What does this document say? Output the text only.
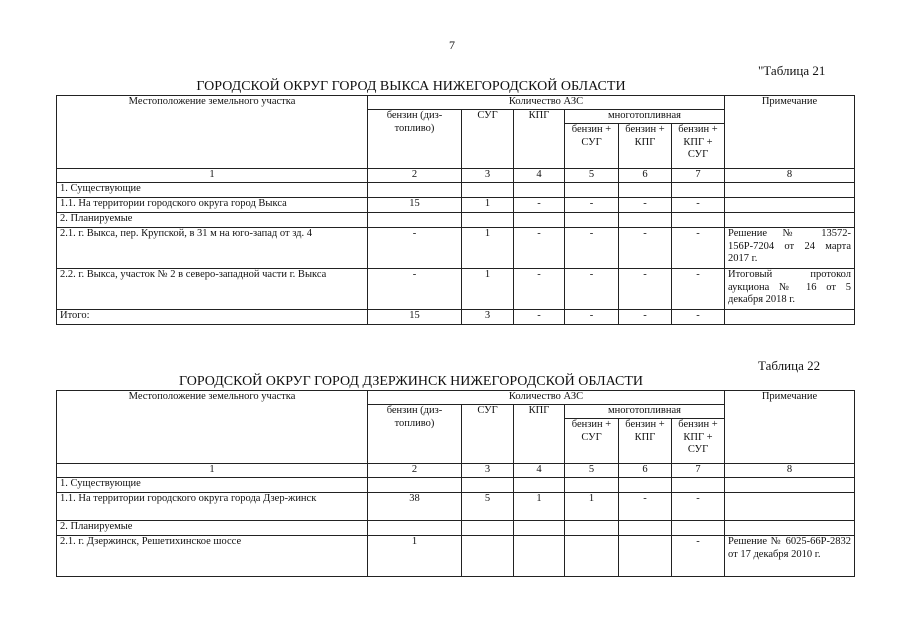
7
"Таблица 21
ГОРОДСКОЙ ОКРУГ ГОРОД ВЫКСА НИЖЕГОРОДСКОЙ ОБЛАСТИ
Местоположение земельного участка	Количество АЗС						Примечание
	бензин (диз-топливо)	СУГ	КПГ	многотопливная			
				бензин + СУГ	бензин + КПГ	бензин + КПГ + СУГ	

1	2	3	4	5	6	7	8
1. Существующие							
1.1. На территории городского округа город Выкса	15	1	-	-	-	-	
2. Планируемые							
2.1. г. Выкса, пер. Крупской, в 31 м на юго-запад от зд. 4	-	1	-	-	-	-	Решение № 13572-156Р-7204 от 24 марта 2017 г.
2.2. г. Выкса, участок № 2 в северо-западной части г. Выкса	-	1	-	-	-	-	Итоговый протокол аукциона № 16 от 5 декабря 2018 г.
Итого:	15	3	-	-	-	-	
Таблица 22
ГОРОДСКОЙ ОКРУГ ГОРОД ДЗЕРЖИНСК НИЖЕГОРОДСКОЙ ОБЛАСТИ
Местоположение земельного участка	Количество АЗС						Примечание
	бензин (диз-топливо)	СУГ	КПГ	многотопливная			
				бензин + СУГ	бензин + КПГ	бензин + КПГ + СУГ	

1	2	3	4	5	6	7	8
1. Существующие							
1.1. На территории городского округа города Дзер-жинск	38	5	1	1	-	-	
2. Планируемые							
2.1. г. Дзержинск, Решетихинское шоссе	1					-	Решение № 6025-66Р-2832 от 17 декабря 2010 г.
